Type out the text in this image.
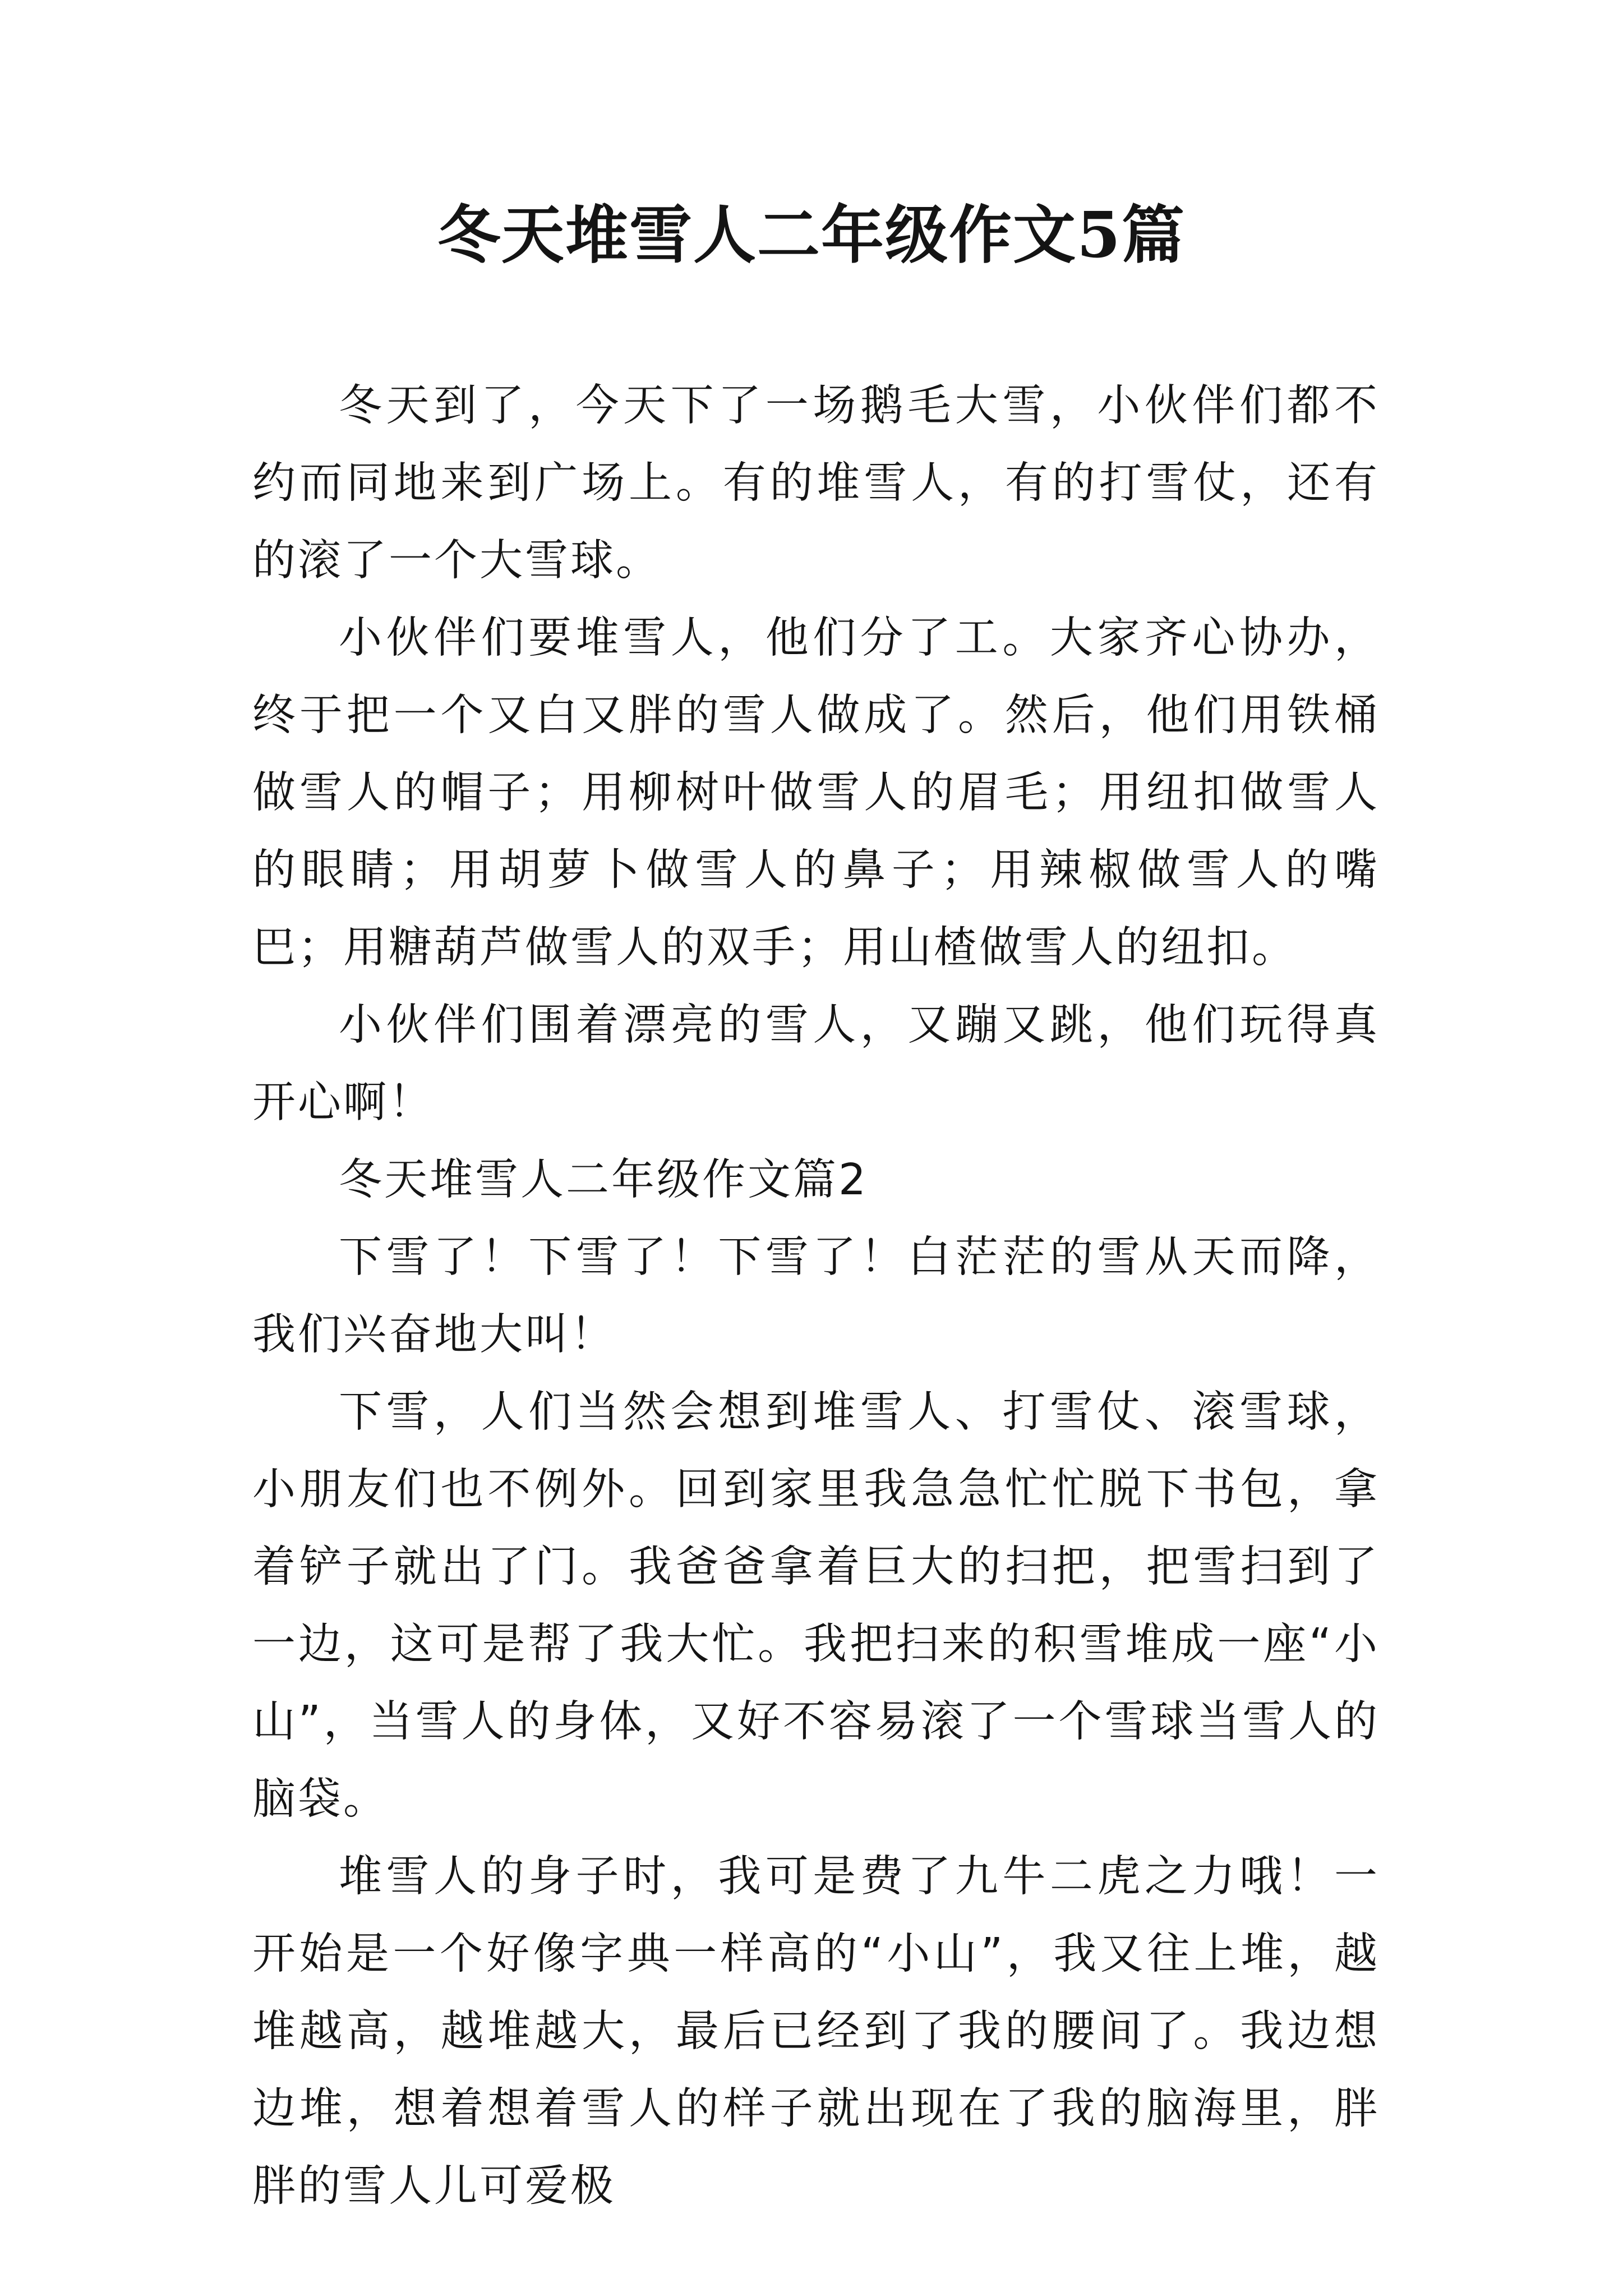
冬天堆雪人二年级作文5篇

冬天到了，今天下了一场鹅毛大雪，小伙伴们都不约而同地来到广场上。有的堆雪人，有的打雪仗，还有的滚了一个大雪球。

小伙伴们要堆雪人，他们分了工。大家齐心协办，终于把一个又白又胖的雪人做成了。然后，他们用铁桶做雪人的帽子；用柳树叶做雪人的眉毛；用纽扣做雪人的眼睛；用胡萝卜做雪人的鼻子；用辣椒做雪人的嘴巴；用糖葫芦做雪人的双手；用山楂做雪人的纽扣。

小伙伴们围着漂亮的雪人，又蹦又跳，他们玩得真开心啊！

冬天堆雪人二年级作文篇2

下雪了！下雪了！下雪了！白茫茫的雪从天而降，我们兴奋地大叫！

下雪，人们当然会想到堆雪人、打雪仗、滚雪球，小朋友们也不例外。回到家里我急急忙忙脱下书包，拿着铲子就出了门。我爸爸拿着巨大的扫把，把雪扫到了一边，这可是帮了我大忙。我把扫来的积雪堆成一座“小山”，当雪人的身体，又好不容易滚了一个雪球当雪人的脑袋。

堆雪人的身子时，我可是费了九牛二虎之力哦！一开始是一个好像字典一样高的“小山”，我又往上堆，越堆越高，越堆越大，最后已经到了我的腰间了。我边想边堆，想着想着雪人的样子就出现在了我的脑海里，胖胖的雪人儿可爱极
